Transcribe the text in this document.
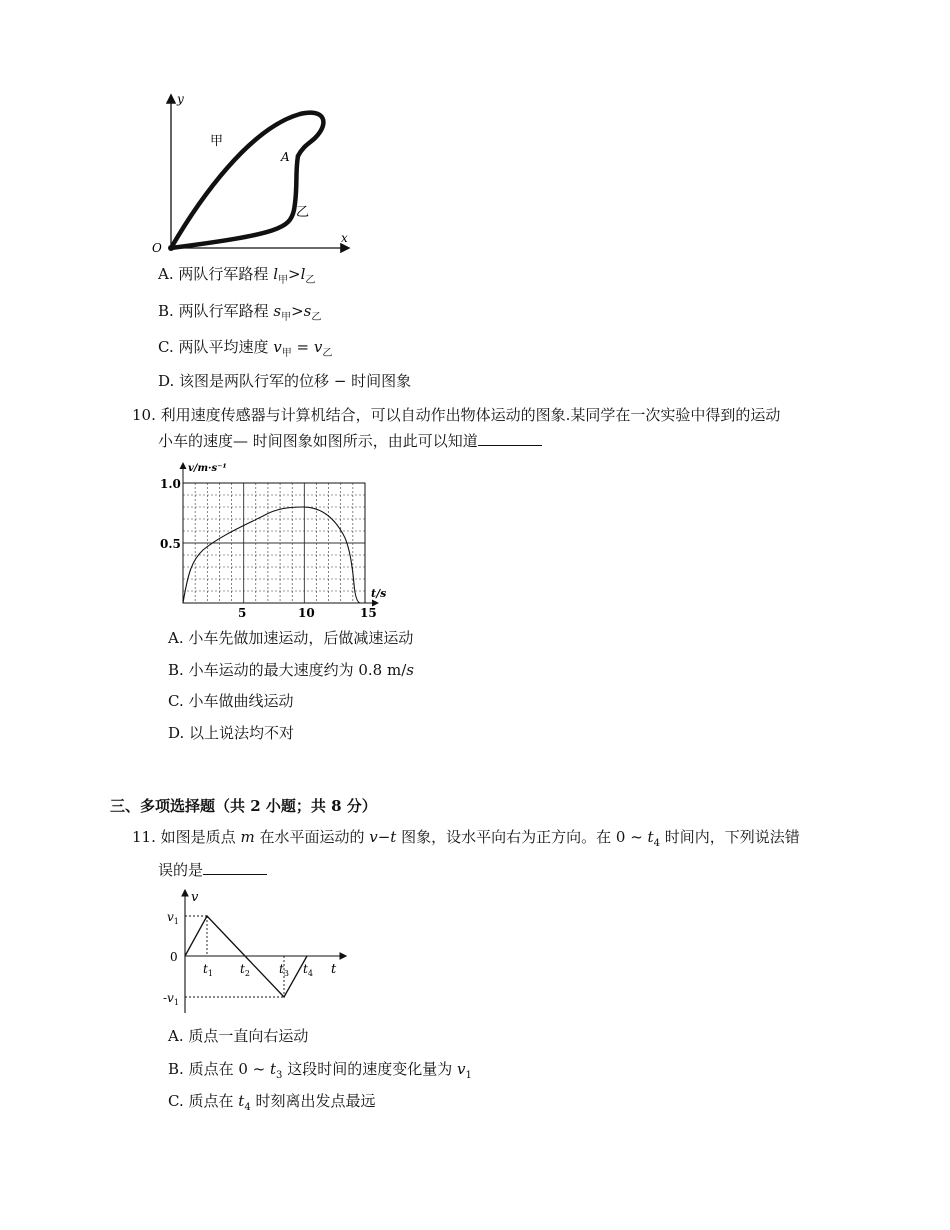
y
x
O
A
甲
乙
A. 两队行军路程 $l_甲>l_乙$
B. 两队行军路程 $s_甲>s_乙$
C. 两队平均速度 $v_甲 = v_乙$
D. 该图是两队行军的位移 − 时间图象
10. 利用速度传感器与计算机结合，可以自动作出物体运动的图象.某同学在一次实验中得到的运动
小车的速度— 时间图象如图所示，由此可以知道
v/m·s⁻¹
t/s
1.0
0.5
5	10	15
A. 小车先做加速运动，后做减速运动
B. 小车运动的最大速度约为 0.8 m/s
C. 小车做曲线运动
D. 以上说法均不对
三、多项选择题（共 2 小题；共 8 分）
11. 如图是质点 m 在水平面运动的 v−t 图象，设水平向右为正方向。在 0 ~ $t_4$ 时间内，下列说法错
误的是
v
t
0
$v_1$
$-v_1$
$t_1$ $t_2$ $t_3$ $t_4$
A. 质点一直向右运动
B. 质点在 0 ~ $t_3$ 这段时间的速度变化量为 $v_1$
C. 质点在 $t_4$ 时刻离出发点最远
